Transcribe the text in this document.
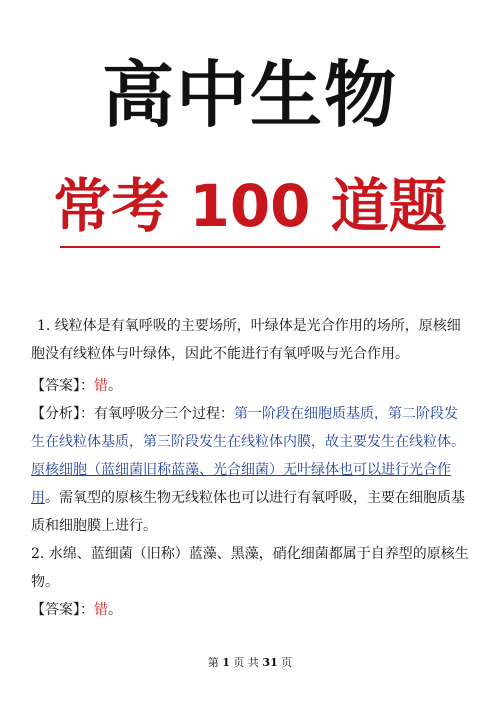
高中生物
常考 100 道题

1. 线粒体是有氧呼吸的主要场所，叶绿体是光合作用的场所，原核细胞没有线粒体与叶绿体，因此不能进行有氧呼吸与光合作用。

【答案】：错。

【分析】：有氧呼吸分三个过程：第一阶段在细胞质基质，第二阶段发生在线粒体基质，第三阶段发生在线粒体内膜，故主要发生在线粒体。原核细胞（蓝细菌旧称蓝藻、光合细菌）无叶绿体也可以进行光合作用。需氧型的原核生物无线粒体也可以进行有氧呼吸，主要在细胞质基质和细胞膜上进行。

2. 水绵、蓝细菌（旧称）蓝藻、黑藻，硝化细菌都属于自养型的原核生物。

【答案】：错。

第 1 页 共 31 页
